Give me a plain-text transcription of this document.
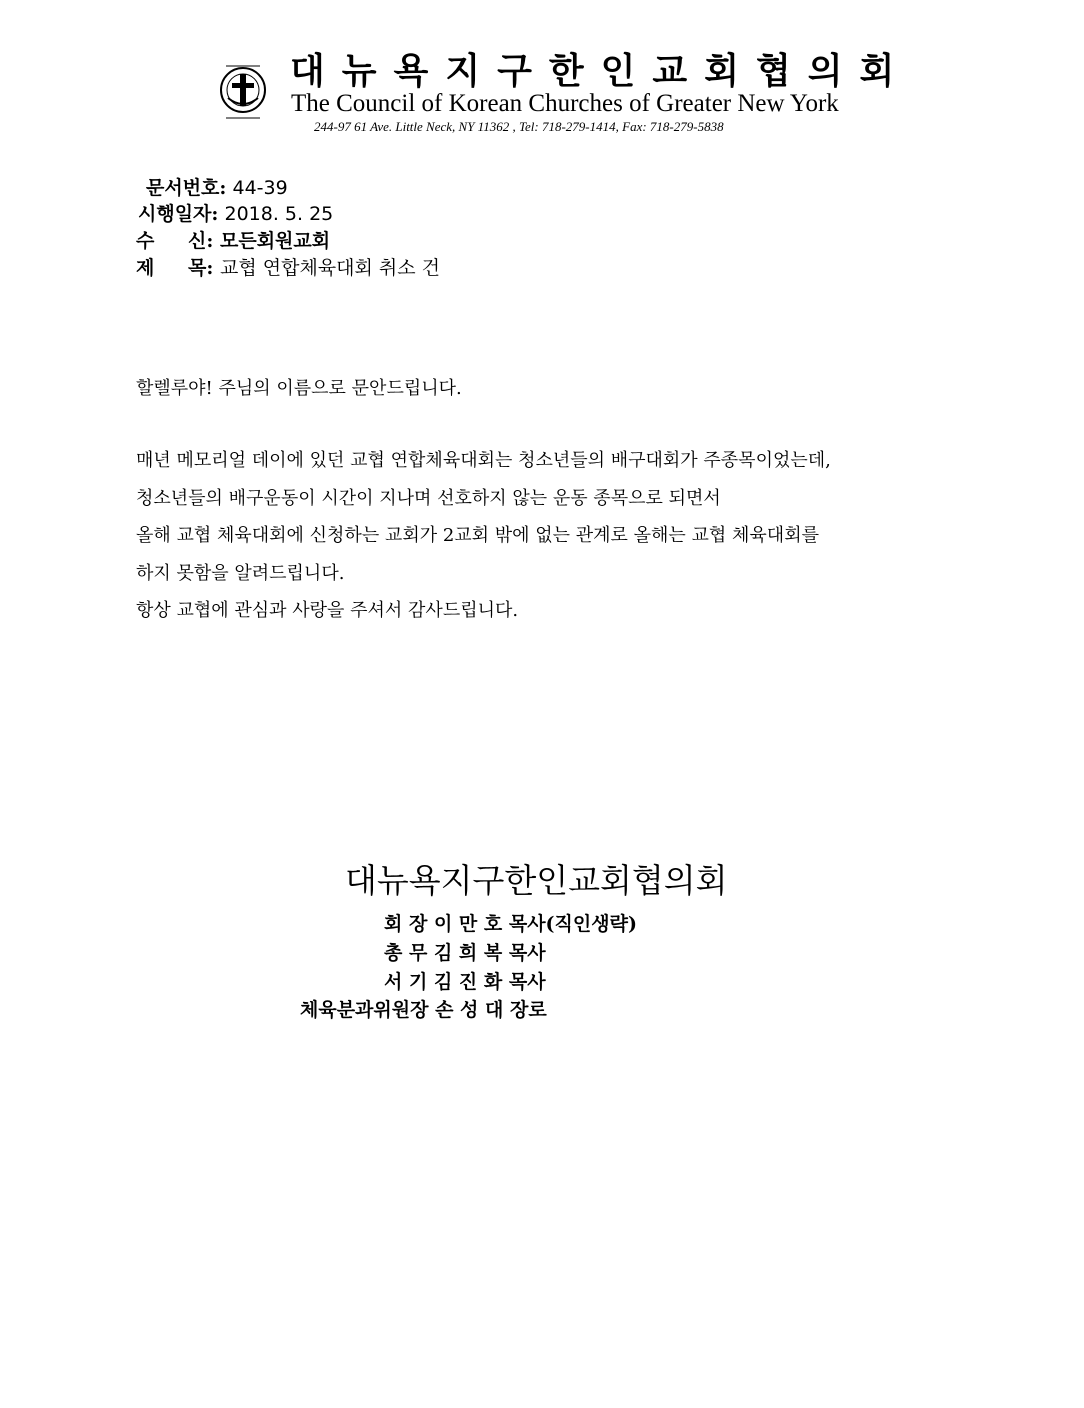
대뉴욕지구한인교회협의회
The Council of Korean Churches of Greater New York
244-97 61 Ave. Little Neck, NY 11362 , Tel: 718-279-1414, Fax: 718-279-5838
문서번호: 44-39
시행일자: 2018. 5. 25
수 신: 모든회원교회
제 목: 교협 연합체육대회 취소 건
할렐루야! 주님의 이름으로 문안드립니다.
매년 메모리얼 데이에 있던 교협 연합체육대회는 청소년들의 배구대회가 주종목이었는데,
청소년들의 배구운동이 시간이 지나며 선호하지 않는 운동 종목으로 되면서
올해 교협 체육대회에 신청하는 교회가 2교회 밖에 없는 관계로 올해는 교협 체육대회를
하지 못함을 알려드립니다.
항상 교협에 관심과 사랑을 주셔서 감사드립니다.
대뉴욕지구한인교회협의회
회 장 이 만 호 목사(직인생략)
총 무 김 희 복 목사
서 기 김 진 화 목사
체육분과위원장 손 성 대 장로
